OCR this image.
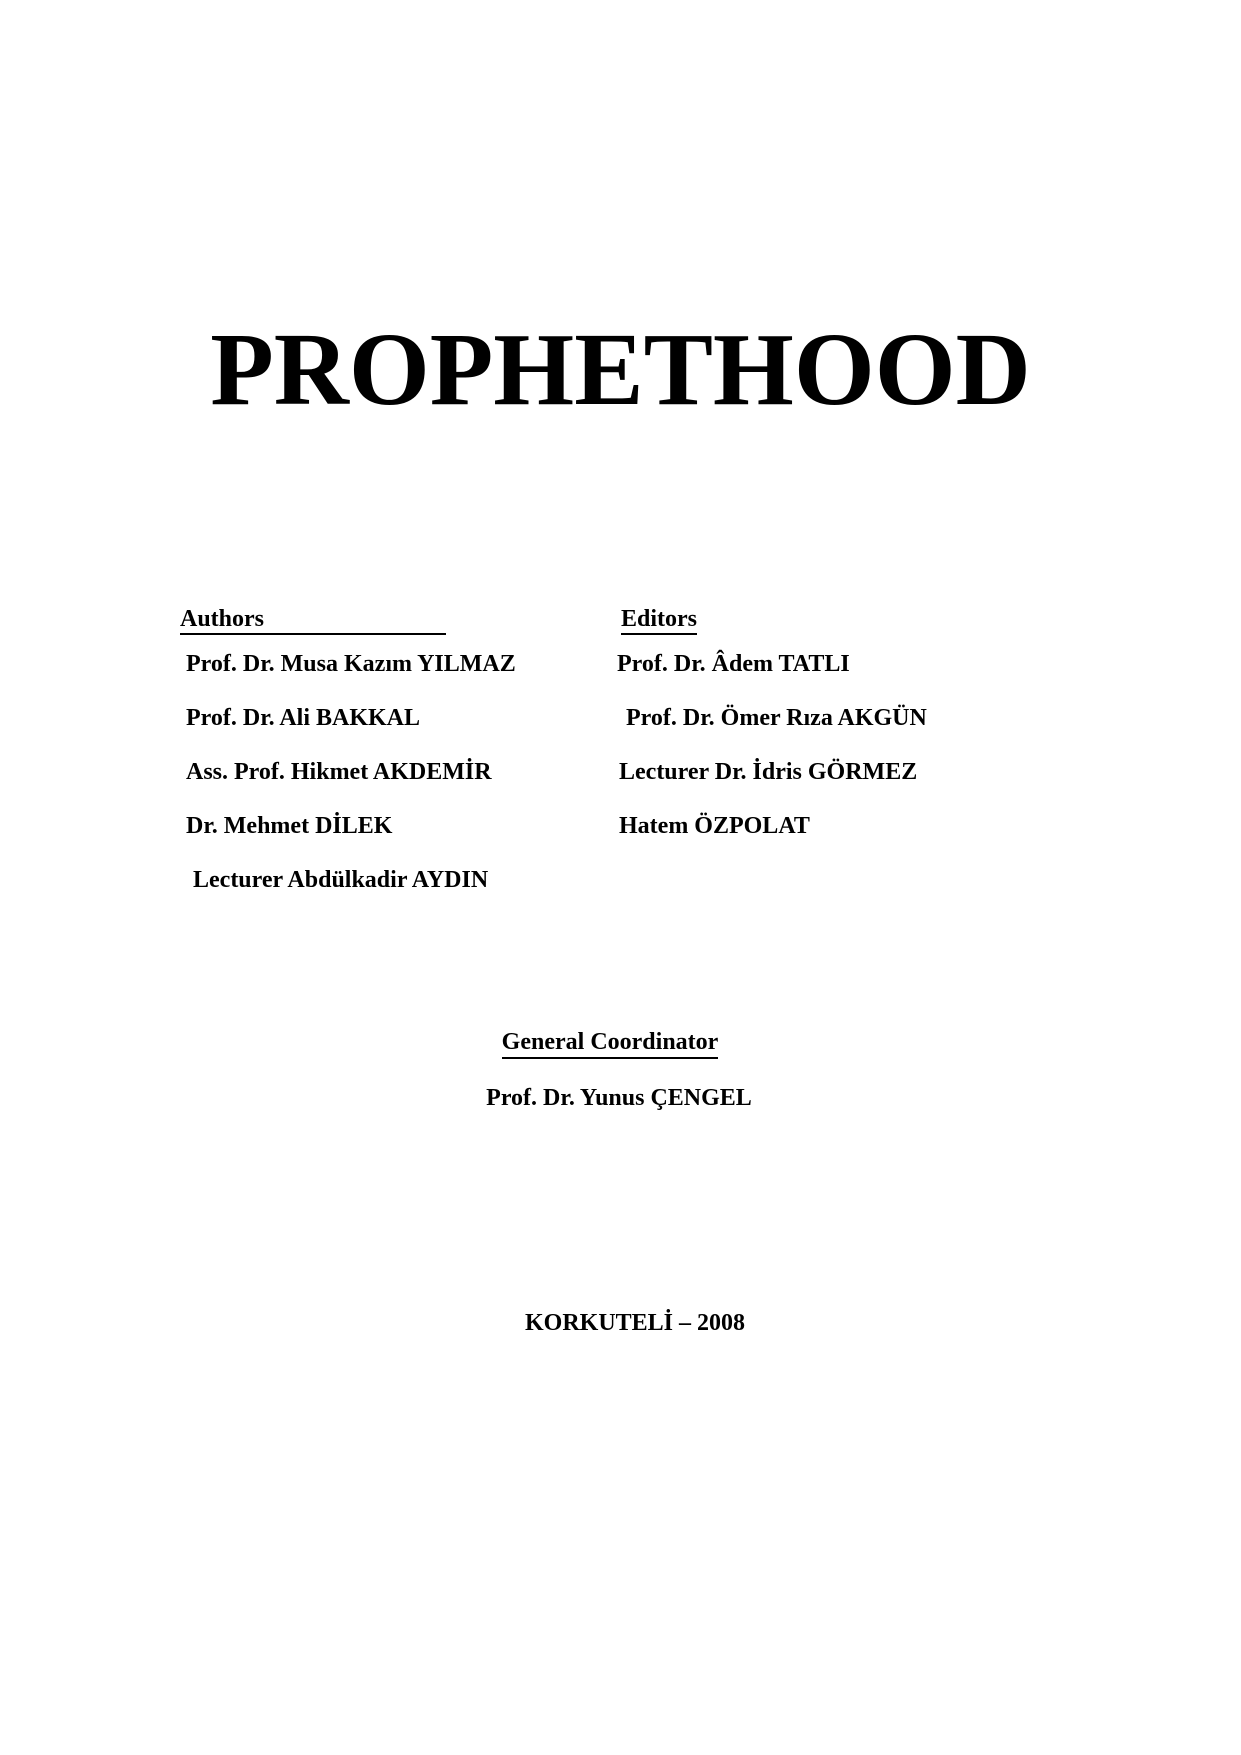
PROPHETHOOD
Authors
Prof. Dr. Musa Kazım YILMAZ
Prof. Dr. Ali BAKKAL
Ass. Prof. Hikmet AKDEMİR
Dr. Mehmet DİLEK
Lecturer Abdülkadir AYDIN
Editors
Prof. Dr. Âdem TATLI
Prof. Dr. Ömer Rıza AKGÜN
Lecturer Dr. İdris GÖRMEZ
Hatem ÖZPOLAT
General Coordinator
Prof. Dr. Yunus ÇENGEL
KORKUTELİ – 2008
